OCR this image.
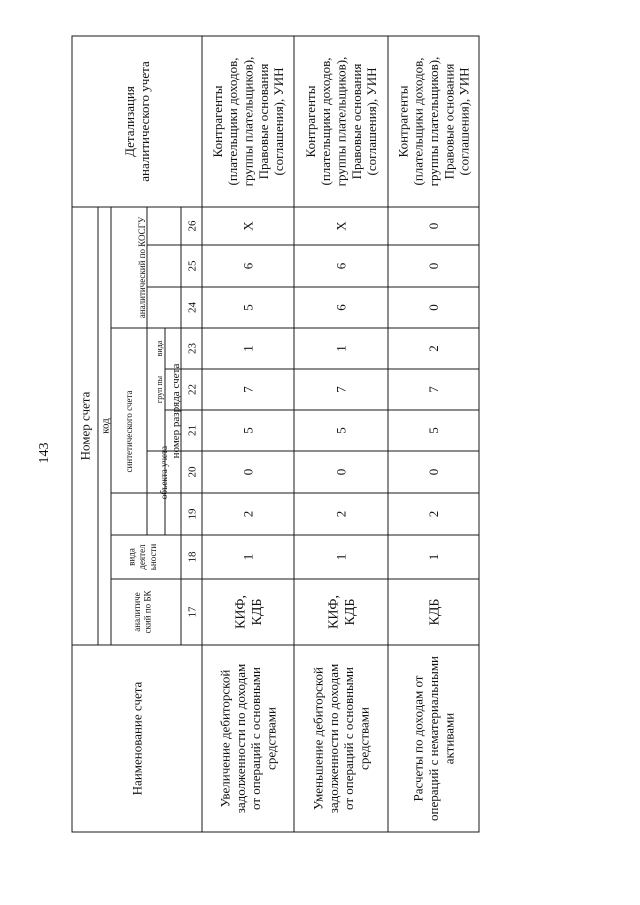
143 Номер счета код
Наименование счета
Детализацияаналитического учета
аналитический по БК
видадеятельности
синтетического счета	объекта учета
груп пы
вида
аналитический по КОСГУ
номер разряда счета
17
18
19
20
21
22
23
24
25
26
Увеличение дебиторскойзадолженности по доходамот операций с основнымисредствами
КИФ, КДБ
1
2
0
5
7
1
5
6
X
Контрагенты(плательщики доходов,группы плательщиков),Правовые основания(соглашения), УИН
Уменьшение дебиторскойзадолженности по доходамот операций с основнымисредствами
КИФ, КДБ
1
2
0
5
7
1
6
6
X
Контрагенты(плательщики доходов,группы плательщиков),Правовые основания(соглашения), УИН
Расчеты по доходам отопераций с нематериальнымиактивами
КДБ
1
2
0
5
7
2
0
0
0
Контрагенты(плательщики доходов,группы плательщиков),Правовые основания(соглашения), УИН
